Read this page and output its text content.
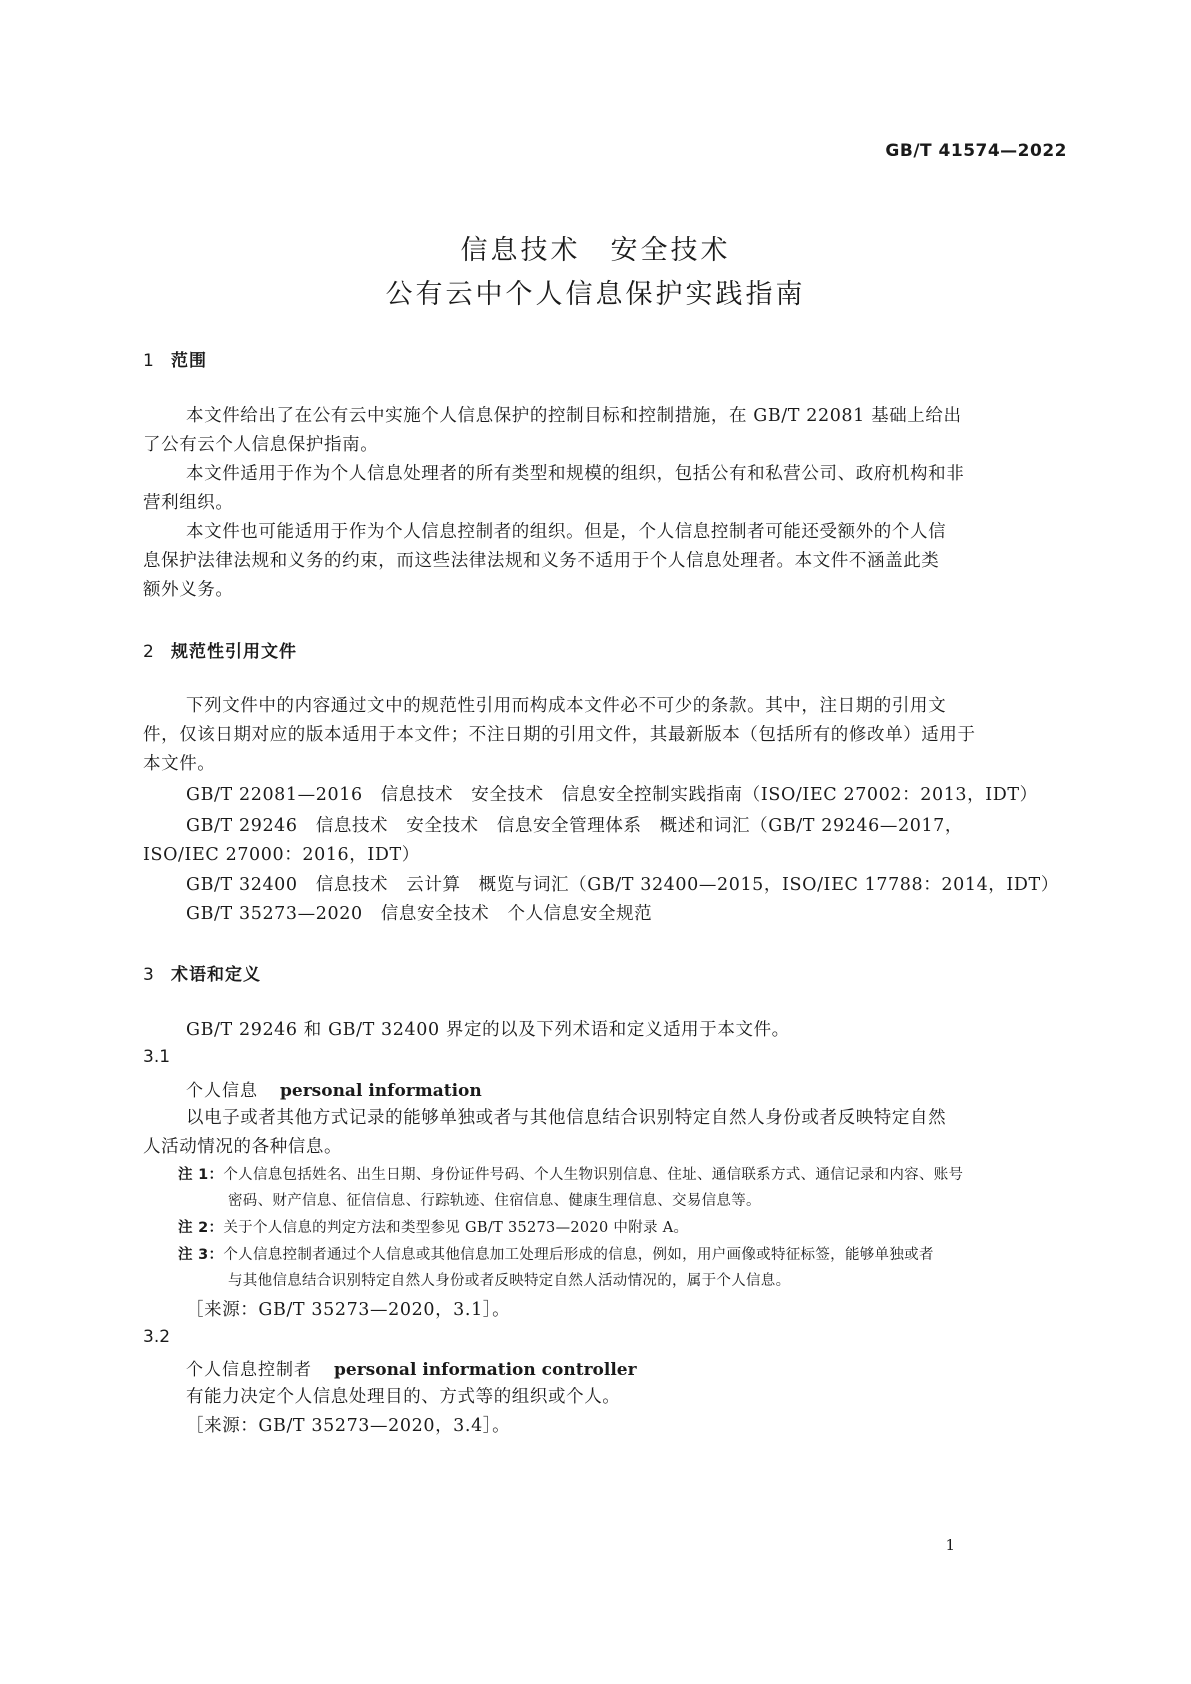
GB/T 41574—2022
信息技术　安全技术
公有云中个人信息保护实践指南
1 范围
本文件给出了在公有云中实施个人信息保护的控制目标和控制措施，在 GB/T 22081 基础上给出
了公有云个人信息保护指南。
本文件适用于作为个人信息处理者的所有类型和规模的组织，包括公有和私营公司、政府机构和非
营利组织。
本文件也可能适用于作为个人信息控制者的组织。但是，个人信息控制者可能还受额外的个人信
息保护法律法规和义务的约束，而这些法律法规和义务不适用于个人信息处理者。本文件不涵盖此类
额外义务。
2 规范性引用文件
下列文件中的内容通过文中的规范性引用而构成本文件必不可少的条款。其中，注日期的引用文
件，仅该日期对应的版本适用于本文件；不注日期的引用文件，其最新版本（包括所有的修改单）适用于
本文件。
GB/T 22081—2016　信息技术　安全技术　信息安全控制实践指南（ISO/IEC 27002：2013，IDT）
GB/T 29246　信息技术　安全技术　信息安全管理体系　概述和词汇（GB/T 29246—2017，
ISO/IEC 27000：2016，IDT）
GB/T 32400　信息技术　云计算　概览与词汇（GB/T 32400—2015，ISO/IEC 17788：2014，IDT）
GB/T 35273—2020　信息安全技术　个人信息安全规范
3 术语和定义
GB/T 29246 和 GB/T 32400 界定的以及下列术语和定义适用于本文件。
3.1
个人信息 personal information
以电子或者其他方式记录的能够单独或者与其他信息结合识别特定自然人身份或者反映特定自然
人活动情况的各种信息。
注 1：个人信息包括姓名、出生日期、身份证件号码、个人生物识别信息、住址、通信联系方式、通信记录和内容、账号
密码、财产信息、征信信息、行踪轨迹、住宿信息、健康生理信息、交易信息等。
注 2：关于个人信息的判定方法和类型参见 GB/T 35273—2020 中附录 A。
注 3：个人信息控制者通过个人信息或其他信息加工处理后形成的信息，例如，用户画像或特征标签，能够单独或者
与其他信息结合识别特定自然人身份或者反映特定自然人活动情况的，属于个人信息。
［来源：GB/T 35273—2020，3.1］。
3.2
个人信息控制者 personal information controller
有能力决定个人信息处理目的、方式等的组织或个人。
［来源：GB/T 35273—2020，3.4］。
1
